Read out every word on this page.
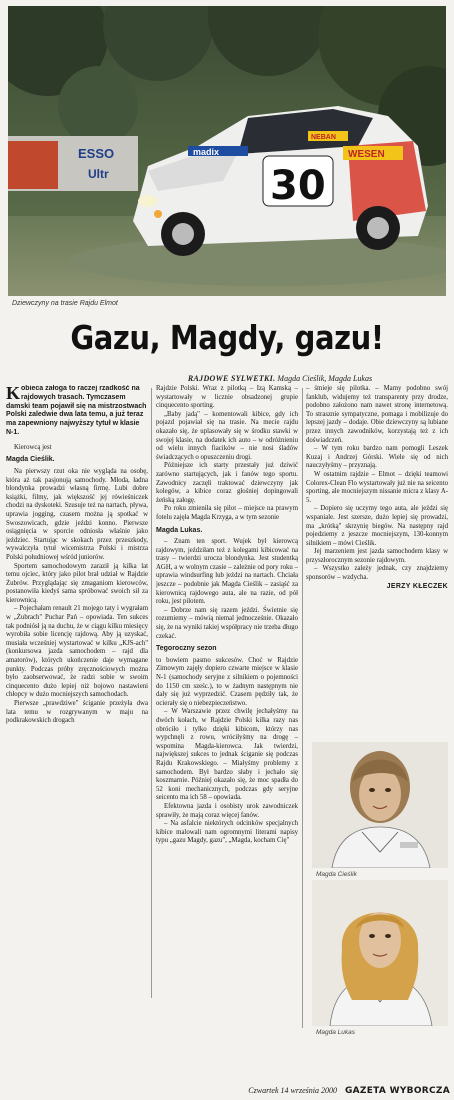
ESSO
Ultr
madix
30
WESEN
NEBAN
Dziewczyny na trasie Rajdu Elmot
Gazu, Magdy, gazu!
RAJDOWE SYLWETKI. Magda Cieślik, Magda Lukas
Kobieca załoga to raczej rzadkość na rajdowych trasach. Tymczasem damski team pojawił się na mistrzostwach Polski zaledwie dwa lata temu, a już teraz ma zapewniony najwyższy tytuł w klasie N-1.

Kierowcą jest

Magda Cieślik.

Na pierwszy rzut oka nie wygląda na osobę, która aż tak pasjonują samochody. Młoda, ładna blondynka prowadzi własną firmę. Lubi dobre książki, filmy, jak większość jej rówieśniczek chodzi na dyskoteki. Szusuje też na nartach, pływa, uprawia jogging, czasem można ją spotkać w Swoszowicach, gdzie jeździ konno. Pierwsze osiągnięcia w sporcie odniosła właśnie jako jeździec. Startując w skokach przez przeszkody, wywalczyła tytuł wicemistrza Polski i mistrza Polski południowej wśród juniorów.

Sportem samochodowym zaraził ją kilka lat temu ojciec, który jako pilot brał udział w Rajdzie Żubrów. Przyglądając się zmaganiom kierowców, postanowiła kiedyś sama spróbować swoich sił za kierownicą.

– Pojechałam renault 21 mojego taty i wygrałam w „Żubrach" Puchar Pań – opowiada. Ten sukces tak podniósł ją na duchu, że w ciągu kilku miesięcy wyrobiła sobie licencję rajdową. Aby ją uzyskać, musiała wcześniej wystartować w kilku „KJS-ach" (konkursowa jazda samochodem – rajd dla amatorów), których ukończenie daje wymagane punkty. Podczas próby zręcznościowych można było zaobserwować, że radzi sobie w swoim cinquecento dużo lepiej niż bojowo nastawieni chłopcy w dużo mocniejszych samochodach.

Pierwsze „prawdziwe" ściganie przeżyła dwa lata temu w rozgrywanym w maju na podkrakowskich drogach

Rajdzie Polski. Wraz z pilotką – Izą Kamską – wystartowały w licznie obsadzonej grupie cinquecento sporting.

„Baby jadą" – komentowali kibice, gdy ich pojazd pojawiał się na trasie. Na meciе rajdu okazało się, że uplasowały się w środku stawki w swojej klasie, na dodatek ich auto – w odróżnieniu od wielu innych fiacików – nie nosi śladów świadczących o opuszczeniu drogi.

Późniejsze ich starty przestały już dziwić zarówno startujących, jak i fanów tego sportu. Zawodnicy zaczęli traktować dziewczyny jak kolegów, a kibice coraz głośniej dopingowali żeńską załogę.

Po roku zmieniła się pilot – miejsce na prawym fotelu zajęła Magda Krzyga, a w tym sezonie

Magda Lukas.

– Znam ten sport. Wujek był kierowcą rajdowym, jeździłam też z kolegami kibicować na trasy – twierdzi urocza blondynka. Jest studentką AGH, a w wolnym czasie – zależnie od pory roku – uprawia windsurfing lub jeździ na nartach. Chciała jeszcze – podobnie jak Magda Cieślik – zasiąść za kierownicą rajdowego auta, ale na razie, od pół roku, jest pilotem.

– Dobrze nam się razem jeździ. Świetnie się rozumiemy – mówią niemal jednocześnie. Okazało się, że na wyniki takiej współpracy nie trzeba długo czekać.

Tegoroczny sezon

to bowiem pasmo sukcesów. Choć w Rajdzie Zimowym zajęły dopiero czwarte miejsce w klasie N-1 (samochody seryjne z silnikiem o pojemności do 1150 cm sześc.), to w żadnym następnym nie dały się już wyprzedzić. Czasem pędziły tak, że ocierały się o niebezpieczeństwo.

– W Warszawie przez chwilę jechałyśmy na dwóch kołach, w Rajdzie Polski kilka razy nas obróciło i tylko dzięki kibicom, którzy nas wypchnęli z rowu, wróciłyśmy na drogę – wspomina Magda-kierowca. Jak twierdzi, największej sukces to jednak ściganie się podczas Rajdu Krakowskiego. – Miałyśmy problemy z samochodem. Był bardzo słaby i jechało się koszmarnie. Później okazało się, że moc spadła do 52 koni mechanicznych, podczas gdy seryjne seicento ma ich 58 – opowiada.

Efektowna jazda i osobisty urok zawodniczek sprawiły, że mają coraz więcej fanów.

– Na asfalcie niektórych odcinków specjalnych kibice malowali nam ogromnymi literami napisy typu „gazu Magdy, gazu", „Magda, kocham Cię"

– śmieje się pilotka. – Mamy podobno swój fanklub, widujemy też transparenty przy drodze, podobno założono nam nawet stronę internetową. To strasznie sympatyczne, pomaga i mobilizuje do lepszej jazdy – dodaje. Obie dziewczyny są lubiane przez innych zawodników, korzystają też z ich doświadczeń.

– W tym roku bardzo nam pomogli Leszek Kuzaj i Andrzej Górski. Wiele się od nich nauczyłyśmy – przyznają.

W ostatnim rajdzie – Elmot – dzięki teamowi Colorex-Clean Flo wystartowały już nie na seicento sporting, ale mocniejszym nissanie micra z klasy A-5.

– Dopiero się uczymy tego auta, ale jeździ się wspaniale. Jest szersze, dużo lepiej się prowadzi, ma „krótką" skrzynię biegów. Na następny rajd pojedziemy z jeszcze mocniejszym, 130-konnym silnikiem – mówi Cieślik.

Jej marzeniem jest jazda samochodem klasy w przyszłorocznym sezonie rajdowym.

– Wszystko zależy jednak, czy znajdziemy sponsorów – wzdycha.

JERZY KŁECZEK

Magda Cieślik
Magda Lukas
Czwartek 14 września 2000 GAZETA WYBORCZA
